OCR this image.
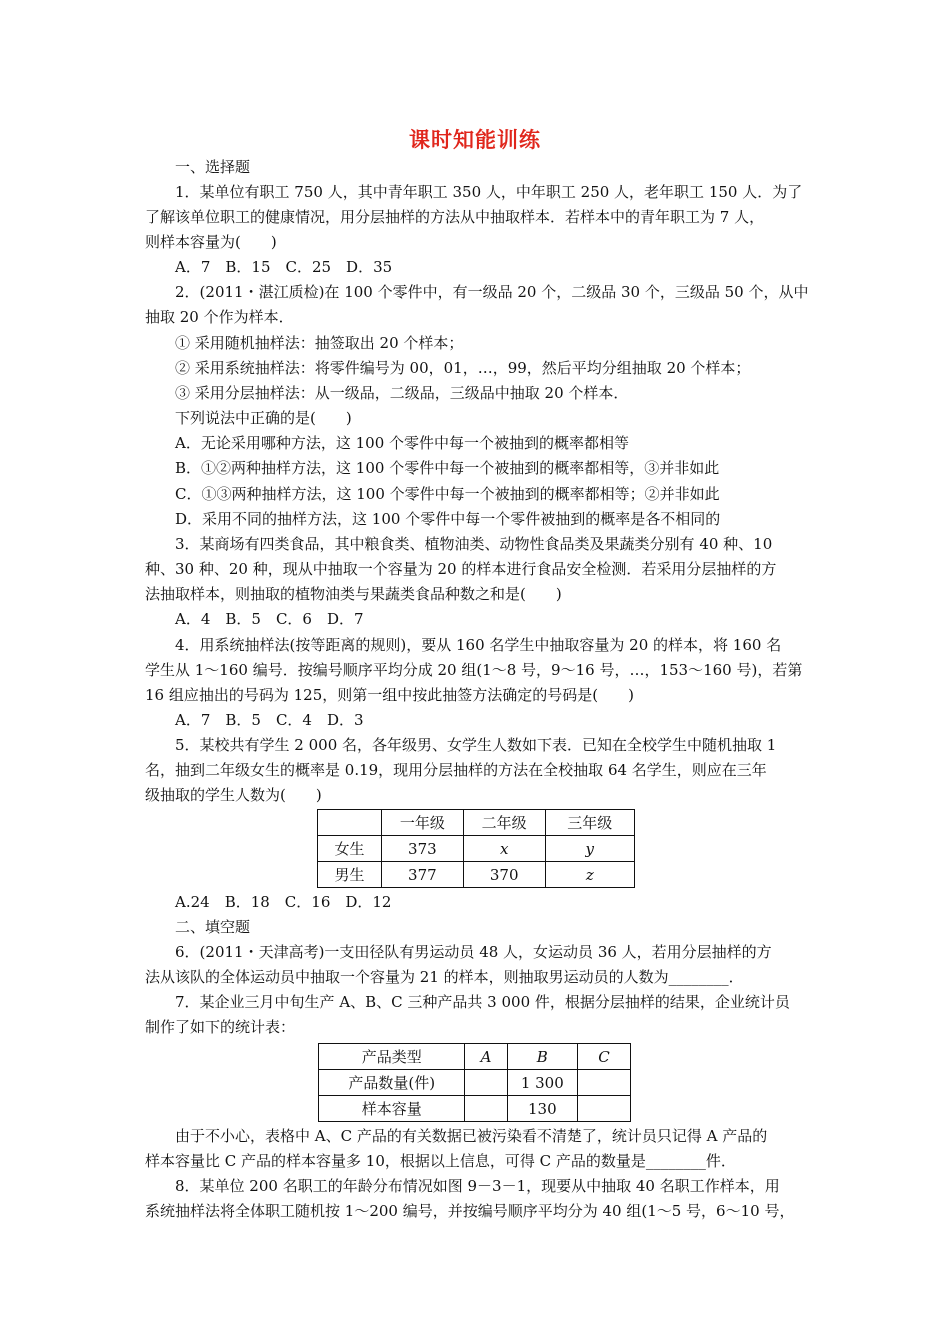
课时知能训练
一、选择题
1．某单位有职工 750 人，其中青年职工 350 人，中年职工 250 人，老年职工 150 人．为了
了解该单位职工的健康情况，用分层抽样的方法从中抽取样本．若样本中的青年职工为 7 人，
则样本容量为(　　)
A．7　B．15　C．25　D．35
2．(2011・湛江质检)在 100 个零件中，有一级品 20 个，二级品 30 个，三级品 50 个，从中
抽取 20 个作为样本．
① 采用随机抽样法：抽签取出 20 个样本；
② 采用系统抽样法：将零件编号为 00，01，…，99，然后平均分组抽取 20 个样本；
③ 采用分层抽样法：从一级品，二级品，三级品中抽取 20 个样本．
下列说法中正确的是(　　)
A．无论采用哪种方法，这 100 个零件中每一个被抽到的概率都相等
B．①②两种抽样方法，这 100 个零件中每一个被抽到的概率都相等，③并非如此
C．①③两种抽样方法，这 100 个零件中每一个被抽到的概率都相等；②并非如此
D．采用不同的抽样方法，这 100 个零件中每一个零件被抽到的概率是各不相同的
3．某商场有四类食品，其中粮食类、植物油类、动物性食品类及果蔬类分别有 40 种、10
种、30 种、20 种，现从中抽取一个容量为 20 的样本进行食品安全检测．若采用分层抽样的方
法抽取样本，则抽取的植物油类与果蔬类食品种数之和是(　　)
A．4　B．5　C．6　D．7
4．用系统抽样法(按等距离的规则)，要从 160 名学生中抽取容量为 20 的样本，将 160 名
学生从 1～160 编号．按编号顺序平均分成 20 组(1～8 号，9～16 号，…，153～160 号)，若第
16 组应抽出的号码为 125，则第一组中按此抽签方法确定的号码是(　　)
A．7　B．5　C．4　D．3
5．某校共有学生 2 000 名，各年级男、女学生人数如下表．已知在全校学生中随机抽取 1
名，抽到二年级女生的概率是 0.19，现用分层抽样的方法在全校抽取 64 名学生，则应在三年
级抽取的学生人数为(　　)
	一年级	二年级	三年级
女生	373	x	y
男生	377	370	z
A.24　B．18　C．16　D．12
二、填空题
6．(2011・天津高考)一支田径队有男运动员 48 人，女运动员 36 人，若用分层抽样的方
法从该队的全体运动员中抽取一个容量为 21 的样本，则抽取男运动员的人数为________．
7．某企业三月中旬生产 A、B、C 三种产品共 3 000 件，根据分层抽样的结果，企业统计员
制作了如下的统计表：
产品类型	A	B	C
产品数量(件)		1 300	
样本容量		130	
由于不小心，表格中 A、C 产品的有关数据已被污染看不清楚了，统计员只记得 A 产品的
样本容量比 C 产品的样本容量多 10，根据以上信息，可得 C 产品的数量是________件．
8．某单位 200 名职工的年龄分布情况如图 9－3－1，现要从中抽取 40 名职工作样本，用
系统抽样法将全体职工随机按 1～200 编号，并按编号顺序平均分为 40 组(1～5 号，6～10 号，
